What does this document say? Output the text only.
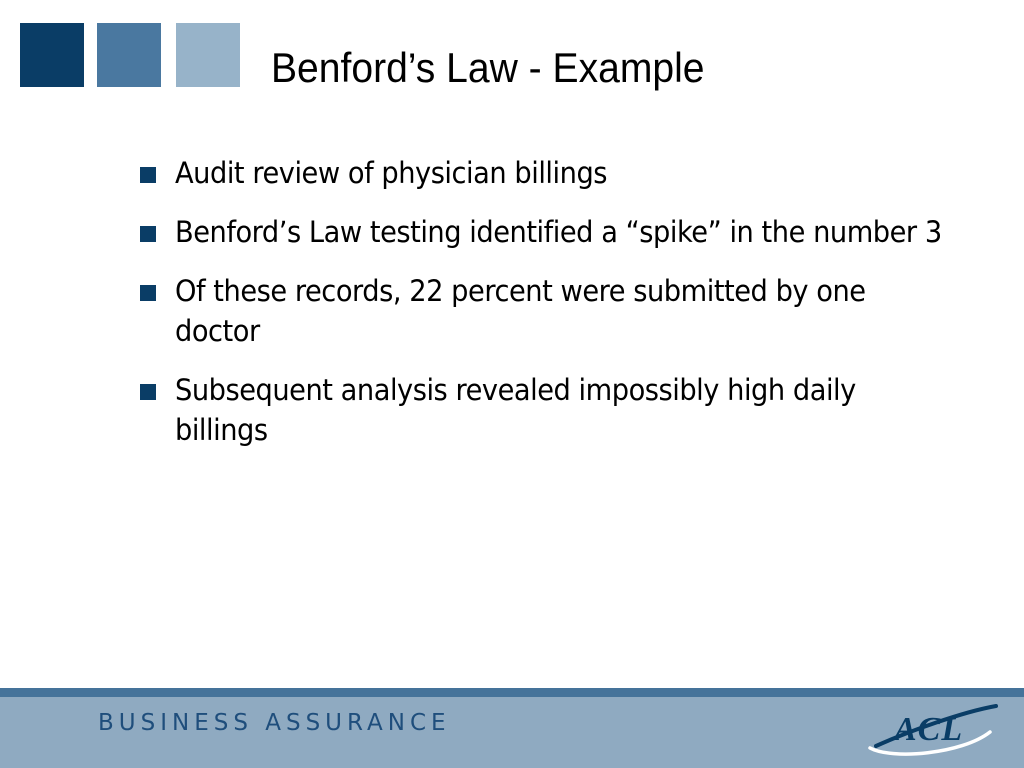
Benford’s Law - Example
Audit review of physician billings
Benford’s Law testing identified a “spike” in the number 3
Of these records, 22 percent were submitted by one doctor
Subsequent analysis revealed impossibly high daily billings
BUSINESS ASSURANCE	ACL
